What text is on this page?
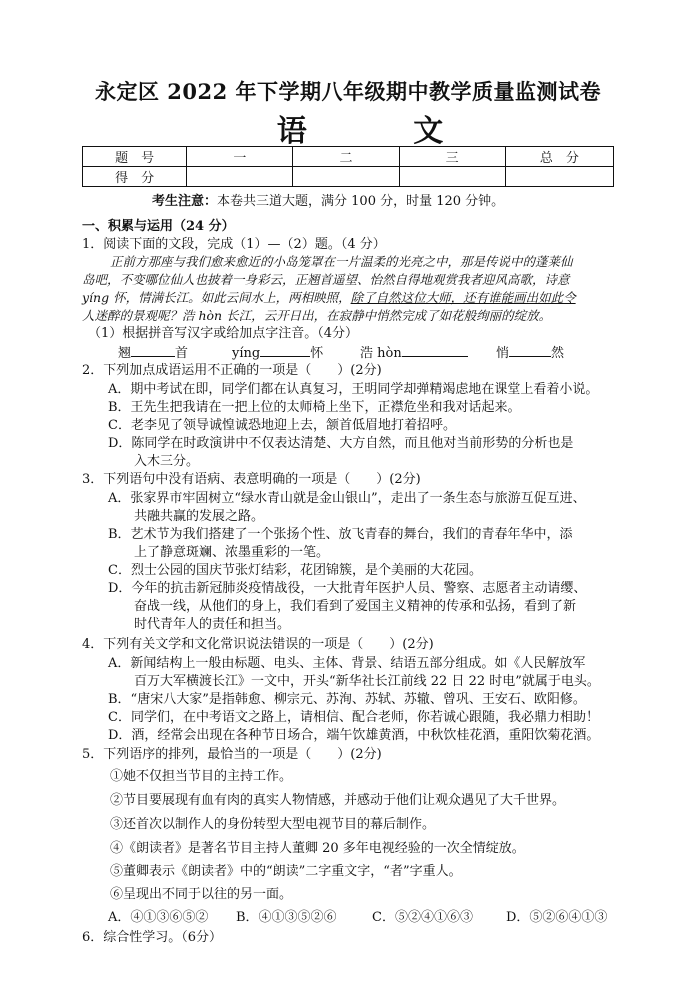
永定区 2022 年下学期八年级期中教学质量监测试卷
语 文
题　号	一	二	三	总　分
得　分				
考生注意：本卷共三道大题，满分 100 分，时量 120 分钟。
一、积累与运用（24 分）
1．阅读下面的文段，完成（1）—（2）题。（4 分）
正前方那座与我们愈来愈近的小岛笼罩在一片温柔的光亮之中，那是传说中的蓬莱仙
岛吧，不变哪位仙人也披着一身彩云，正翘首遥望、怡然自得地观赏我者迎风高歌，诗意
yíng 怀，情满长江。如此云间水上，两相映照，除了自然这位大师，还有谁能画出如此令
人迷醉的景观呢？浩 hòn 长江，云开日出，在寂静中悄然完成了如花般绚丽的绽放。
（1）根据拼音写汉字或给加点字注音。（4分）
翘	首	yíng	怀	浩 hòn	悄	然
2．下列加点成语运用不正确的一项是（　　）(2分)
A．期中考试在即，同学们都在认真复习，王明同学却弹精竭虑地在课堂上看着小说。
B．王先生把我请在一把上位的太师椅上坐下，正襟危坐和我对话起来。
C．老李见了领导诚惶诚恐地迎上去，颔首低眉地打着招呼。
D．陈同学在时政演讲中不仅表达清楚、大方自然，而且他对当前形势的分析也是
入木三分。
3．下列语句中没有语病、表意明确的一项是（　　）(2分)
A．张家界市牢固树立“绿水青山就是金山银山”，走出了一条生态与旅游互促互进、
共融共赢的发展之路。
B．艺术节为我们搭建了一个张扬个性、放飞青春的舞台，我们的青春年华中，添
上了静意斑斓、浓墨重彩的一笔。
C．烈士公园的国庆节张灯结彩，花团锦簇，是个美丽的大花园。
D．今年的抗击新冠肺炎疫情战役，一大批青年医护人员、警察、志愿者主动请缨、
奋战一线，从他们的身上，我们看到了爱国主义精神的传承和弘扬，看到了新
时代青年人的责任和担当。
4．下列有关文学和文化常识说法错误的一项是（　　）(2分)
A．新闻结构上一般由标题、电头、主体、背景、结语五部分组成。如《人民解放军
百万大军横渡长江》一文中，开头“新华社长江前线 22 日 22 时电”就属于电头。
B．“唐宋八大家”是指韩愈、柳宗元、苏洵、苏轼、苏辙、曾巩、王安石、欧阳修。
C．同学们，在中考语文之路上，请相信、配合老师，你若诚心跟随，我必鼎力相助！
D．酒，经常会出现在各种节日场合，端午饮雄黄酒，中秋饮桂花酒，重阳饮菊花酒。
5．下列语序的排列，最恰当的一项是（　　）(2分)
①她不仅担当节目的主持工作。
②节目要展现有血有肉的真实人物情感，并感动于他们让观众遇见了大千世界。
③还首次以制作人的身份转型大型电视节目的幕后制作。
④《朗读者》是著名节目主持人董卿 20 多年电视经验的一次全情绽放。
⑤董卿表示《朗读者》中的“朗读”二字重文字，“者”字重人。
⑥呈现出不同于以往的另一面。
A．④①③⑥⑤②	B．④①③⑤②⑥	C．⑤②④①⑥③	D．⑤②⑥④①③
6．综合性学习。（6分）
